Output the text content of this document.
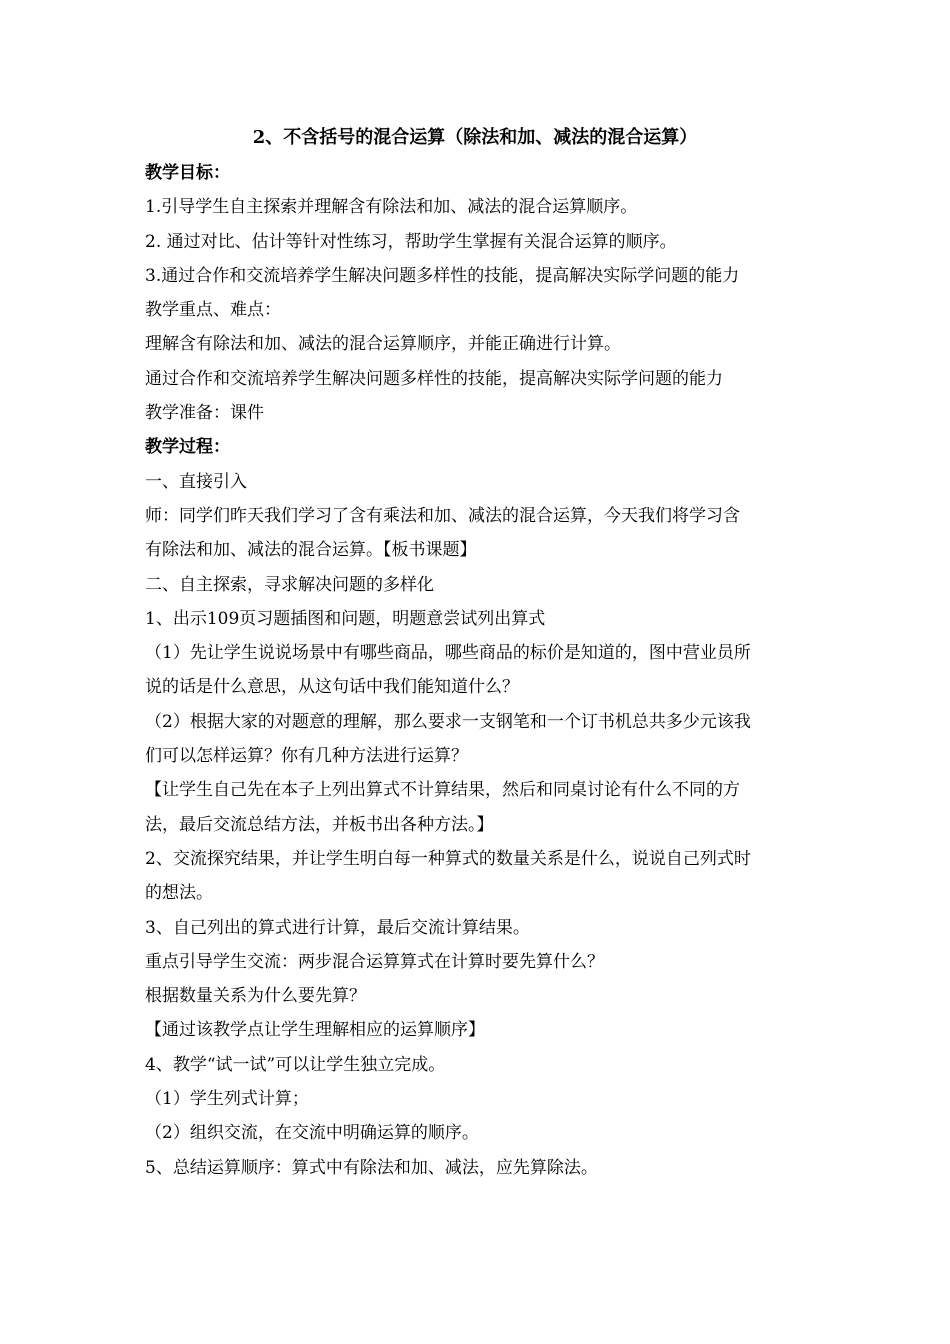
2、不含括号的混合运算（除法和加、减法的混合运算）
教学目标：
1.引导学生自主探索并理解含有除法和加、减法的混合运算顺序。
2. 通过对比、估计等针对性练习，帮助学生掌握有关混合运算的顺序。
3.通过合作和交流培养学生解决问题多样性的技能，提高解决实际学问题的能力
教学重点、难点：
理解含有除法和加、减法的混合运算顺序，并能正确进行计算。
通过合作和交流培养学生解决问题多样性的技能，提高解决实际学问题的能力
教学准备：课件
教学过程：
一、直接引入
师：同学们昨天我们学习了含有乘法和加、减法的混合运算，今天我们将学习含
有除法和加、减法的混合运算。【板书课题】
二、自主探索，寻求解决问题的多样化
1、出示109页习题插图和问题，明题意尝试列出算式
（1）先让学生说说场景中有哪些商品，哪些商品的标价是知道的，图中营业员所
说的话是什么意思，从这句话中我们能知道什么？
（2）根据大家的对题意的理解，那么要求一支钢笔和一个订书机总共多少元该我
们可以怎样运算？你有几种方法进行运算？
【让学生自己先在本子上列出算式不计算结果，然后和同桌讨论有什么不同的方
法，最后交流总结方法，并板书出各种方法。】
2、交流探究结果，并让学生明白每一种算式的数量关系是什么，说说自己列式时
的想法。
3、自己列出的算式进行计算，最后交流计算结果。
重点引导学生交流：两步混合运算算式在计算时要先算什么？
根据数量关系为什么要先算？
【通过该教学点让学生理解相应的运算顺序】
4、教学“试一试”可以让学生独立完成。
（1）学生列式计算；
（2）组织交流，在交流中明确运算的顺序。
5、总结运算顺序：算式中有除法和加、减法，应先算除法。
